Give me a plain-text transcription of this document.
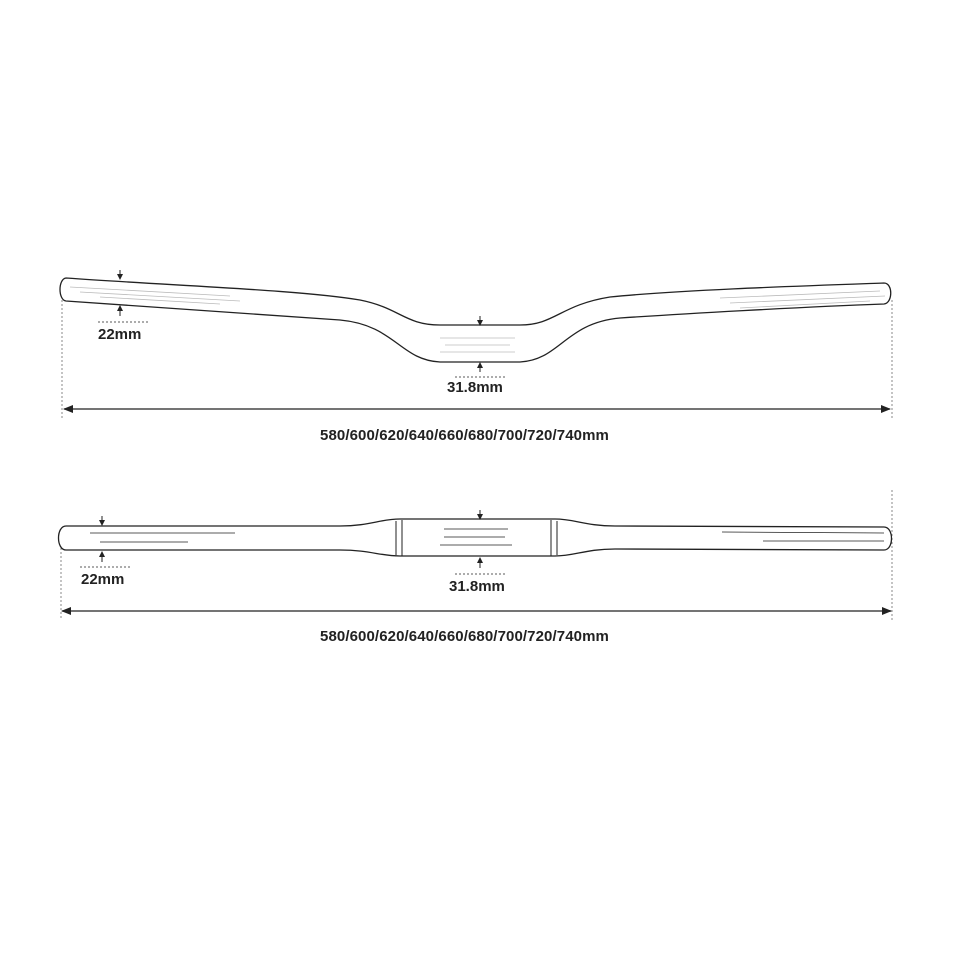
22mm
31.8mm
580/600/620/640/660/680/700/720/740mm
22mm	31.8mm
580/600/620/640/660/680/700/720/740mm
